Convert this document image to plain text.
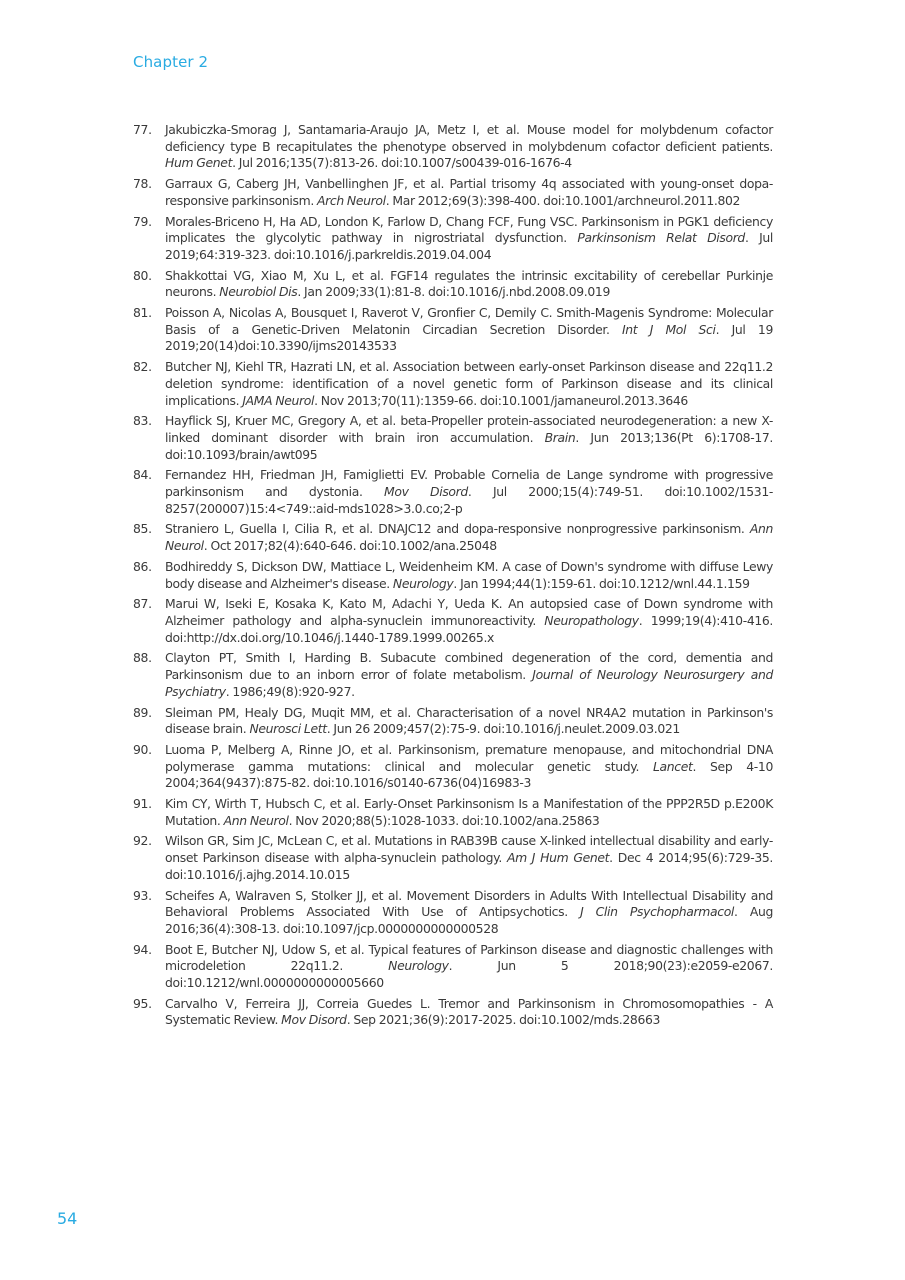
Chapter 2
77.	Jakubiczka-Smorag J, Santamaria-Araujo JA, Metz I, et al. Mouse model for molybdenum cofactor deficiency type B recapitulates the phenotype observed in molybdenum cofactor deficient patients. Hum Genet. Jul 2016;135(7):813-26. doi:10.1007/s00439-016-1676-4
78.	Garraux G, Caberg JH, Vanbellinghen JF, et al. Partial trisomy 4q associated with young-onset dopa-responsive parkinsonism. Arch Neurol. Mar 2012;69(3):398-400. doi:10.1001/archneurol.2011.802
79.	Morales-Briceno H, Ha AD, London K, Farlow D, Chang FCF, Fung VSC. Parkinsonism in PGK1 deficiency implicates the glycolytic pathway in nigrostriatal dysfunction. Parkinsonism Relat Disord. Jul 2019;64:319-323. doi:10.1016/j.parkreldis.2019.04.004
80.	Shakkottai VG, Xiao M, Xu L, et al. FGF14 regulates the intrinsic excitability of cerebellar Purkinje neurons. Neurobiol Dis. Jan 2009;33(1):81-8. doi:10.1016/j.nbd.2008.09.019
81.	Poisson A, Nicolas A, Bousquet I, Raverot V, Gronfier C, Demily C. Smith-Magenis Syndrome: Molecular Basis of a Genetic-Driven Melatonin Circadian Secretion Disorder. Int J Mol Sci. Jul 19 2019;20(14)doi:10.3390/ijms20143533
82.	Butcher NJ, Kiehl TR, Hazrati LN, et al. Association between early-onset Parkinson disease and 22q11.2 deletion syndrome: identification of a novel genetic form of Parkinson disease and its clinical implications. JAMA Neurol. Nov 2013;70(11):1359-66. doi:10.1001/jamaneurol.2013.3646
83.	Hayflick SJ, Kruer MC, Gregory A, et al. beta-Propeller protein-associated neurodegeneration: a new X-linked dominant disorder with brain iron accumulation. Brain. Jun 2013;136(Pt 6):1708-17. doi:10.1093/brain/awt095
84.	Fernandez HH, Friedman JH, Famiglietti EV. Probable Cornelia de Lange syndrome with progressive parkinsonism and dystonia. Mov Disord. Jul 2000;15(4):749-51. doi:10.1002/1531-8257(200007)15:4<749::aid-mds1028>3.0.co;2-p
85.	Straniero L, Guella I, Cilia R, et al. DNAJC12 and dopa-responsive nonprogressive parkinsonism. Ann Neurol. Oct 2017;82(4):640-646. doi:10.1002/ana.25048
86.	Bodhireddy S, Dickson DW, Mattiace L, Weidenheim KM. A case of Down's syndrome with diffuse Lewy body disease and Alzheimer's disease. Neurology. Jan 1994;44(1):159-61. doi:10.1212/wnl.44.1.159
87.	Marui W, Iseki E, Kosaka K, Kato M, Adachi Y, Ueda K. An autopsied case of Down syndrome with Alzheimer pathology and alpha-synuclein immunoreactivity. Neuropathology. 1999;19(4):410-416. doi:http://dx.doi.org/10.1046/j.1440-1789.1999.00265.x
88.	Clayton PT, Smith I, Harding B. Subacute combined degeneration of the cord, dementia and Parkinsonism due to an inborn error of folate metabolism. Journal of Neurology Neurosurgery and Psychiatry. 1986;49(8):920-927.
89.	Sleiman PM, Healy DG, Muqit MM, et al. Characterisation of a novel NR4A2 mutation in Parkinson's disease brain. Neurosci Lett. Jun 26 2009;457(2):75-9. doi:10.1016/j.neulet.2009.03.021
90.	Luoma P, Melberg A, Rinne JO, et al. Parkinsonism, premature menopause, and mitochondrial DNA polymerase gamma mutations: clinical and molecular genetic study. Lancet. Sep 4-10 2004;364(9437):875-82. doi:10.1016/s0140-6736(04)16983-3
91.	Kim CY, Wirth T, Hubsch C, et al. Early-Onset Parkinsonism Is a Manifestation of the PPP2R5D p.E200K Mutation. Ann Neurol. Nov 2020;88(5):1028-1033. doi:10.1002/ana.25863
92.	Wilson GR, Sim JC, McLean C, et al. Mutations in RAB39B cause X-linked intellectual disability and early-onset Parkinson disease with alpha-synuclein pathology. Am J Hum Genet. Dec 4 2014;95(6):729-35. doi:10.1016/j.ajhg.2014.10.015
93.	Scheifes A, Walraven S, Stolker JJ, et al. Movement Disorders in Adults With Intellectual Disability and Behavioral Problems Associated With Use of Antipsychotics. J Clin Psychopharmacol. Aug 2016;36(4):308-13. doi:10.1097/jcp.0000000000000528
94.	Boot E, Butcher NJ, Udow S, et al. Typical features of Parkinson disease and diagnostic challenges with microdeletion 22q11.2. Neurology. Jun 5 2018;90(23):e2059-e2067. doi:10.1212/wnl.0000000000005660
95.	Carvalho V, Ferreira JJ, Correia Guedes L. Tremor and Parkinsonism in Chromosomopathies - A Systematic Review. Mov Disord. Sep 2021;36(9):2017-2025. doi:10.1002/mds.28663
54
